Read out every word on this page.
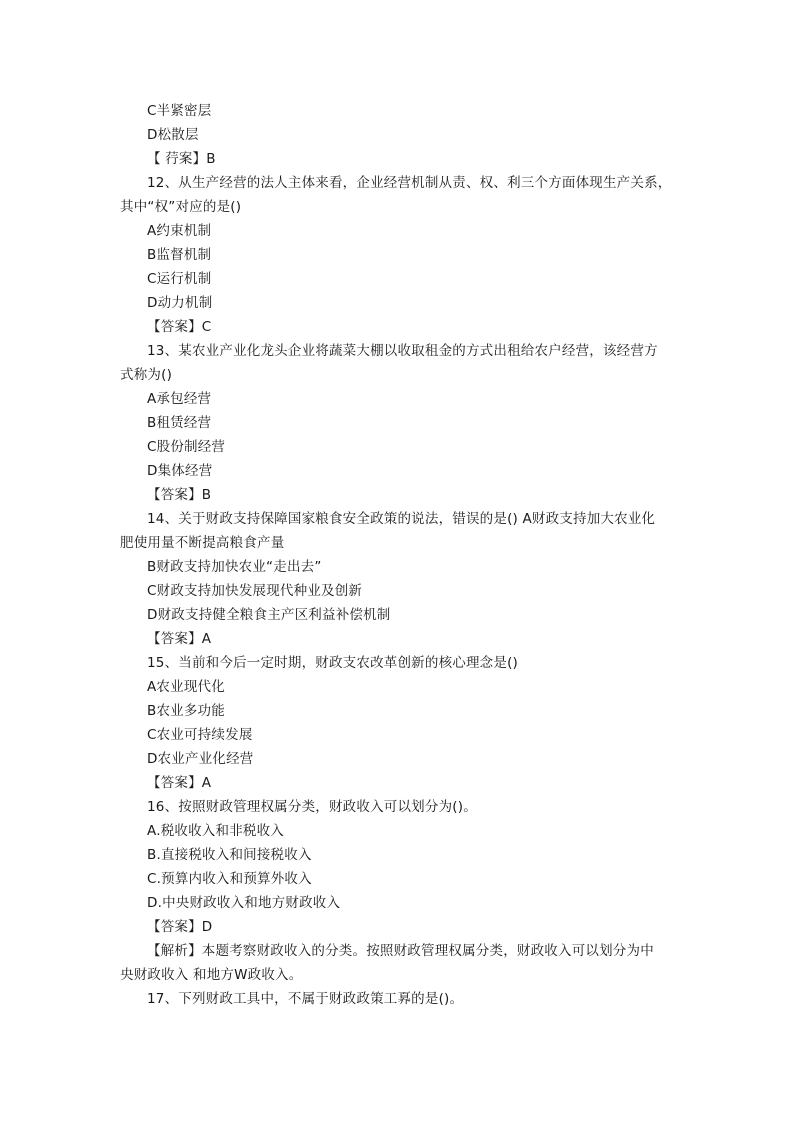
C半紧密层
D松散层
【 荇案】B
12、从生产经营的法人主体来看，企业经营机制从责、权、利三个方面体现生产关系，
其中“权”对应的是()
A约束机制
B监督机制
C运行机制
D动力机制
【答案】C
13、某农业产业化龙头企业将蔬菜大棚以收取租金的方式出租给农户经营，该经营方
式称为()
A承包经营
B租赁经营
C股份制经营
D集体经营
【答案】B
14、关于财政支持保障国家粮食安全政策的说法，错误的是() A财政支持加大农业化
肥使用量不断提高粮食产量
B财政支持加快农业“走出去”
C财政支持加快发展现代种业及创新
D财政支持健全粮食主产区利益补偿机制
【答案】A
15、当前和今后一定时期，财政支农改革创新的核心理念是()
A农业现代化
B农业多功能
C农业可持续发展
D农业产业化经营
【答案】A
16、按照财政管理权属分类，财政收入可以划分为()。
A.税收收入和非税收入
B.直接税收入和间接税收入
C.预算内收入和预算外收入
D.中央财政收入和地方财政收入
【答案】D
【解析】本题考察财政收入的分类。按照财政管理权属分类，财政收入可以划分为中
央财政收入 和地方W政收入。
17、下列财政工具中，不属于财政政策工奡的是()。
